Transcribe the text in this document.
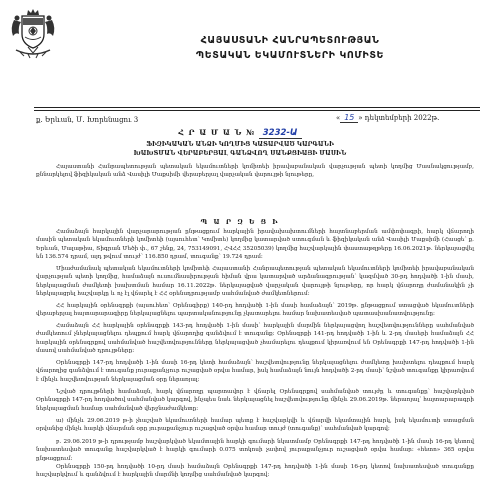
ՀԱՅԱՍՏԱՆԻ ՀԱՆՐԱՊԵՏՈՒԹՅԱՆ
ՊԵՏԱԿԱՆ ԵԿԱՄՈՒՏՆԵՐԻ ԿՈՄԻՏԵ
ք. Երևան, Մ. Խորենացու 3	« 15 » դեկտեմբերի 2022թ.
Հ Ր Ա Մ Ա Ն № 3232-Ա
ՖԻԶԻԿԱԿԱՆ ԱՆՁԻ ԿՈՂՄԻՑ ԿԱՏԱՐՎԱԾ ԿԱՐԳԱՆԻ
ԽԱԽՏՄԱՆ ՎԵՐԱԲԵՐՅԱԼ ԳԱՆՁՎՈՂ ՍԱՆՔՑԻԱՅԻ ՄԱՍԻՆ
Հայաստանի Հանրապետության պետական եկամուտների կոմիտեի իրավաբանական վարչության պետի կողմից Մասնակցությամբ, քննարկելով ֆիզիկական անձ Վասիլի Մաքսիմի վերաբերյալ վարչական վարույթի նյութերը,
Պ Ա Ր Զ Ե Ց Ի
Համաձայն հարկային վարչարարության ընթացքում հարկային իրավախախտումների հայտնաբերման ամփոփագրի, հարկ վճարողի մասին պետական եկամուտների կոմիտեի (այսուհետ՝ Կոմիտե) կողմից կատարված ստուգման և ֆիզիկական անձ Վասիլի Մաքսիմի (Հասցե՝ ք. Երևան, Մալաթիա, Տիգրան Մեծի փ., 67 շենք, 24, 753149091, ՀՎՀՀ 35205039) կողմից հաշվարկային փաստաթղթերը 16.06.2021թ. ներկայացվել են 136.574 դրամ, այդ թվում տույժ՝ 116.850 դրամ, տուգանք՝ 19.724 դրամ:
Միաժամանակ պետական եկամուտների կոմիտեի Հայաստանի Հանրապետության պետական եկամուտների կոմիտեի իրավաբանական վարչության պետի կողմից, համաձայն ուսումնասիրության հիման վրա կատարված արձանագրության՝ կազմված 30-րդ հոդվածի 1-ին մասի, ներկայացման ժամկետի խախտման համար 16.11.2022թ. ներկայացված վարչական վարույթի նյութերը, որ հարկ վճարողը ժամանակին չի ներկայացրել հաշվարկը և ոչ էլ վճարել է ՀՀ օրենսդրությամբ սահմանված ժամկետներում:
ՀՀ հարկային օրենսգրքի (այսուհետ՝ Օրենսգիրք) 140-րդ հոդվածի 1-ին մասի համաձայն՝ 2019թ. ընթացքում ստացված եկամուտների վերաբերյալ հայտարարագիրը ներկայացնելու պարտականությունը չկատարելու համար նախատեսված պատասխանատվությունը:
Համաձայն ՀՀ հարկային օրենսգրքի 143-րդ հոդվածի 1-ին մասի՝ հարկային մարմին ներկայացվող հաշվետվությունները սահմանված ժամկետում չներկայացնելու դեպքում հարկ վճարողից գանձվում է տուգանք: Օրենսգրքի 141-րդ հոդվածի 1-ին և 2-րդ մասերի համաձայն ՀՀ հարկային օրենսգրքով սահմանված հաշվետվությունները ներկայացված չհամարելու դեպքում կիրառվում են Օրենսգրքի 147-րդ հոդվածի 1-ին մասով սահմանված դրույթները:
Օրենսգրքի 147-րդ հոդվածի 1-ին մասի 16-րդ կետի համաձայն՝ հաշվետվությունը ներկայացնելու ժամկետը խախտելու դեպքում հարկ վճարողից գանձվում է տուգանք յուրաքանչյուր ուշացված օրվա համար, իսկ համաձայն նույն հոդվածի 2-րդ մասի՝ նշված տուգանքը կիրառվում է մինչև հաշվետվության ներկայացման օրը ներառյալ:
Նշված դրույթների համաձայն, հարկ վճարողը պարտավոր է վճարել Օրենսգրքով սահմանված տույժը և տուգանքը՝ հաշվարկված Օրենսգրքի 147-րդ հոդվածով սահմանված կարգով, ինչպես նաև ներկայացնել հաշվետվությունը մինչև 29.06.2019թ. ներառյալ՝ հայտարարագրի ներկայացման համար սահմանված վերջնաժամկետը:
ա) մինչև 29.06.2019 թ-ի չհաշված եկամուտների համար պետք է հաշվարկվի և վճարվի եկամտային հարկ, իսկ եկամուտի ստացման օրվանից մինչև հարկի վճարման օրը յուրաքանչյուր ուշացված օրվա համար տույժ (տուգանք)՝ սահմանված կարգով:
բ. 29.06.2019 թ-ի դրությամբ հաշվարկված եկամտային հարկի գումարի նկատմամբ Օրենսգրքի 147-րդ հոդվածի 1-ին մասի 16-րդ կետով նախատեսված տուգանք հաշվարկված է հարկի գումարի 0.075 տոկոսի չափով յուրաքանչյուր ուշացված օրվա համար: «հետո» 365 օրվա ընթացքում:
Օրենսգրքի 150-րդ հոդվածի 10-րդ մասի համաձայն Օրենսգրքի 147-րդ հոդվածի 1-ին մասի 16-րդ կետով նախատեսված տուգանքը հաշվարկվում և գանձվում է հարկային մարմնի կողմից սահմանված կարգով:
